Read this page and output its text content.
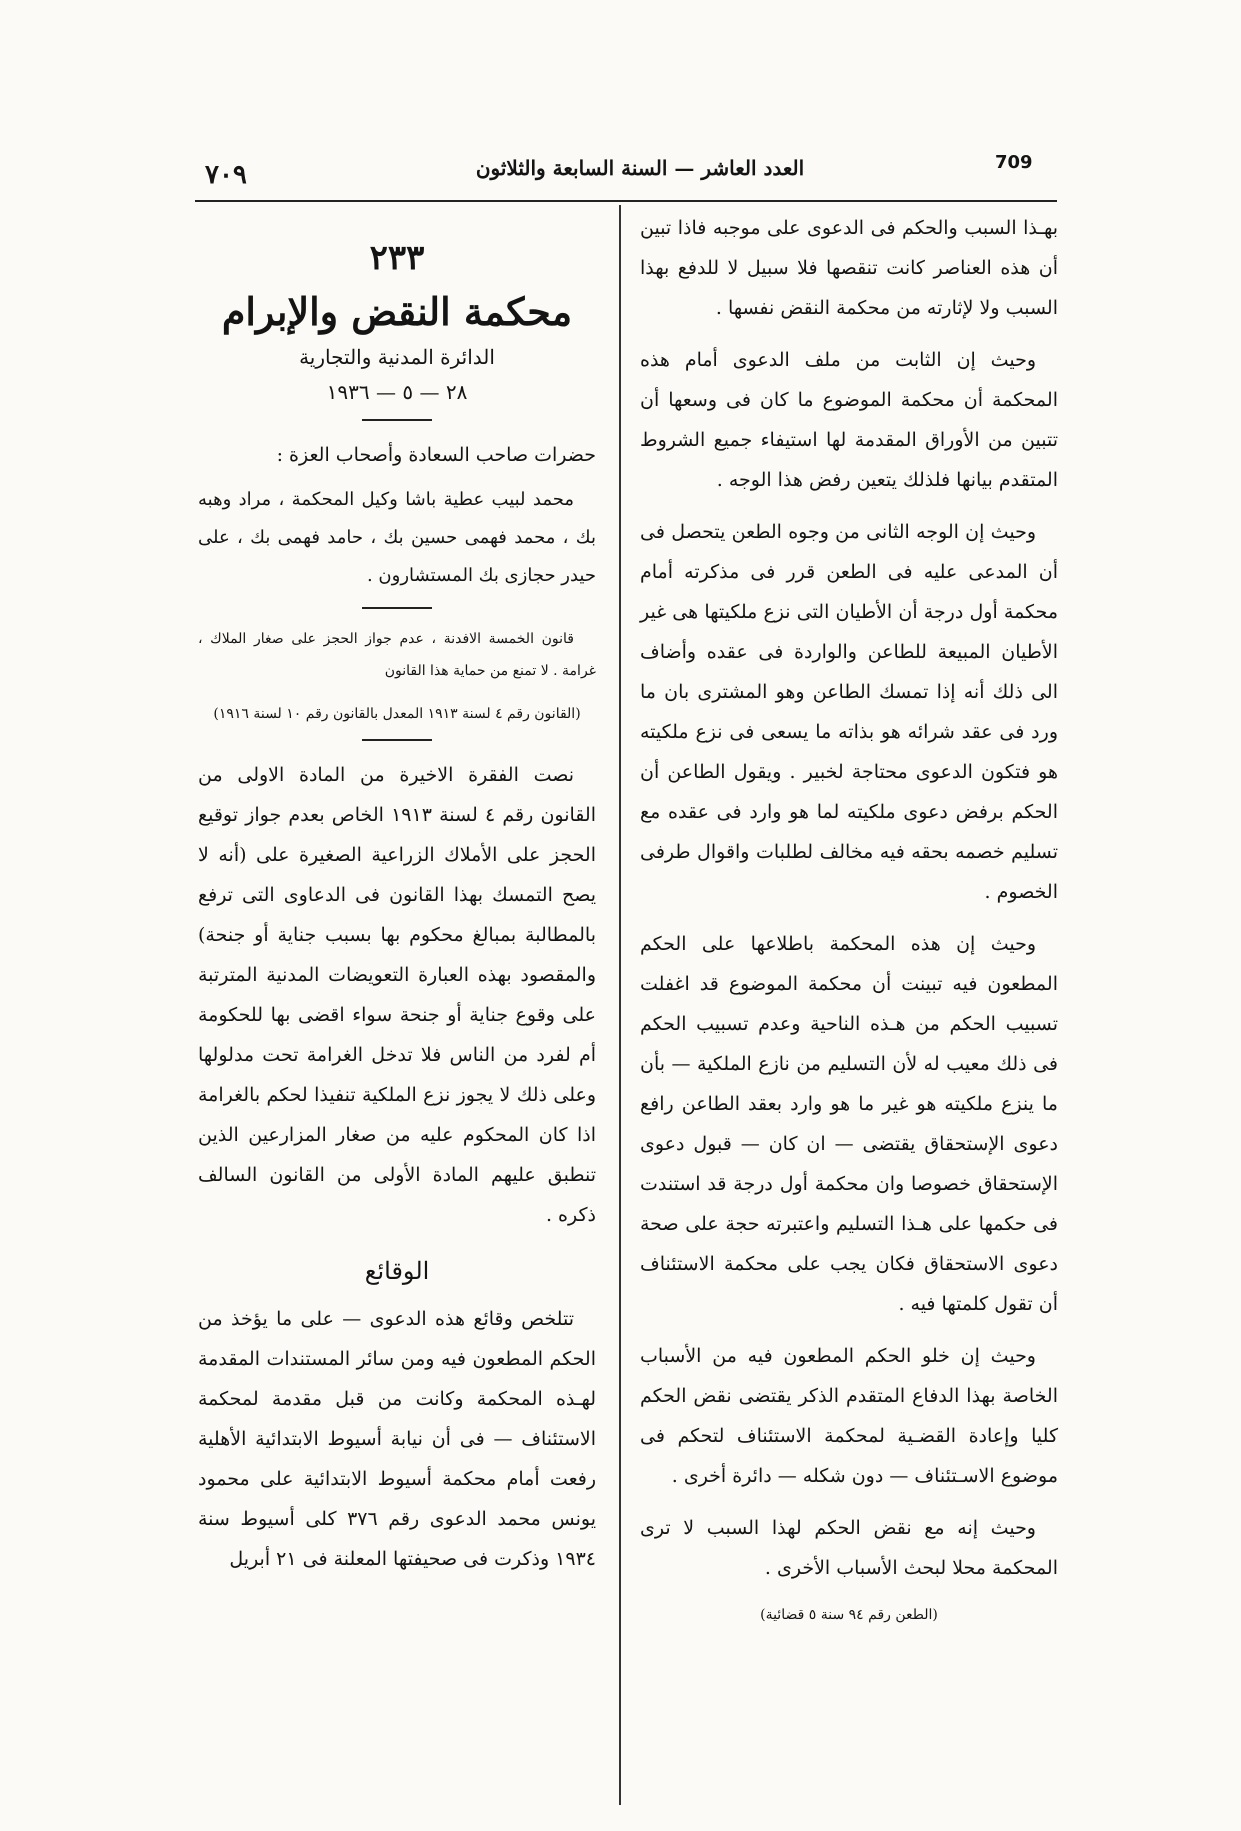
709
العدد العاشر — السنة السابعة والثلاثون
٧٠٩

بهـذا السبب والحكم فى الدعوى على موجبه فاذا تبين أن هذه العناصر كانت تنقصها فلا سبيل لا للدفع بهذا السبب ولا لإثارته من محكمة النقض نفسها .

وحيث إن الثابت من ملف الدعوى أمام هذه المحكمة أن محكمة الموضوع ما كان فى وسعها أن تتبين من الأوراق المقدمة لها استيفاء جميع الشروط المتقدم بيانها فلذلك يتعين رفض هذا الوجه .

وحيث إن الوجه الثانى من وجوه الطعن يتحصل فى أن المدعى عليه فى الطعن قرر فى مذكرته أمام محكمة أول درجة أن الأطيان التى نزع ملكيتها هى غير الأطيان المبيعة للطاعن والواردة فى عقده وأضاف الى ذلك أنه إذا تمسك الطاعن وهو المشترى بان ما ورد فى عقد شرائه هو بذاته ما يسعى فى نزع ملكيته هو فتكون الدعوى محتاجة لخبير . ويقول الطاعن أن الحكم برفض دعوى ملكيته لما هو وارد فى عقده مع تسليم خصمه بحقه فيه مخالف لطلبات واقوال طرفى الخصوم .

وحيث إن هذه المحكمة باطلاعها على الحكم المطعون فيه تبينت أن محكمة الموضوع قد اغفلت تسبيب الحكم من هـذه الناحية وعدم تسبيب الحكم فى ذلك معيب له لأن التسليم من نازع الملكية — بأن ما ينزع ملكيته هو غير ما هو وارد بعقد الطاعن رافع دعوى الإستحقاق يقتضى — ان كان — قبول دعوى الإستحقاق خصوصا وان محكمة أول درجة قد استندت فى حكمها على هـذا التسليم واعتبرته حجة على صحة دعوى الاستحقاق فكان يجب على محكمة الاستئناف أن تقول كلمتها فيه .

وحيث إن خلو الحكم المطعون فيه من الأسباب الخاصة بهذا الدفاع المتقدم الذكر يقتضى نقض الحكم كليا وإعادة القضـية لمحكمة الاستئناف لتحكم فى موضوع الاسـتئناف — دون شكله — دائرة أخرى .

وحيث إنه مع نقض الحكم لهذا السبب لا ترى المحكمة محلا لبحث الأسباب الأخرى .

(الطعن رقم ٩٤ سنة ٥ قضائية)
٢٣٣
محكمة النقض والإبرام
الدائرة المدنية والتجارية
٢٨ — ٥ — ١٩٣٦
حضرات صاحب السعادة وأصحاب العزة :

محمد لبيب عطية باشا وكيل المحكمة ، مراد وهبه بك ، محمد فهمى حسين بك ، حامد فهمى بك ، على حيدر حجازى بك المستشارون .

قانون الخمسة الافدنة ، عدم جواز الحجز على صغار الملاك ، غرامة . لا تمنع من حماية هذا القانون

(القانون رقم ٤ لسنة ١٩١٣ المعدل بالقانون رقم ١٠ لسنة ١٩١٦)

نصت الفقرة الاخيرة من المادة الاولى من القانون رقم ٤ لسنة ١٩١٣ الخاص بعدم جواز توقيع الحجز على الأملاك الزراعية الصغيرة على (أنه لا يصح التمسك بهذا القانون فى الدعاوى التى ترفع بالمطالبة بمبالغ محكوم بها بسبب جناية أو جنحة) والمقصود بهذه العبارة التعويضات المدنية المترتبة على وقوع جناية أو جنحة سواء اقضى بها للحكومة أم لفرد من الناس فلا تدخل الغرامة تحت مدلولها وعلى ذلك لا يجوز نزع الملكية تنفيذا لحكم بالغرامة اذا كان المحكوم عليه من صغار المزارعين الذين تنطبق عليهم المادة الأولى من القانون السالف ذكره .

الوقائع

تتلخص وقائع هذه الدعوى — على ما يؤخذ من الحكم المطعون فيه ومن سائر المستندات المقدمة لهـذه المحكمة وكانت من قبل مقدمة لمحكمة الاستئناف — فى أن نيابة أسيوط الابتدائية الأهلية رفعت أمام محكمة أسيوط الابتدائية على محمود يونس محمد الدعوى رقم ٣٧٦ كلى أسيوط سنة ١٩٣٤ وذكرت فى صحيفتها المعلنة فى ٢١ أبريل
